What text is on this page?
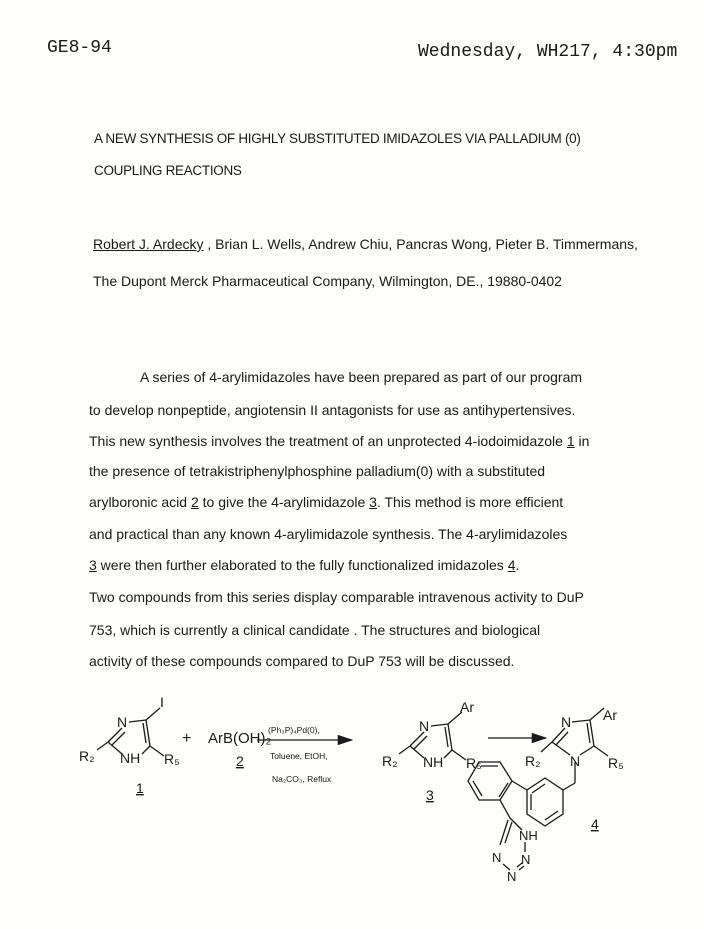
GE8-94	Wednesday, WH217, 4:30pm
A NEW SYNTHESIS OF HIGHLY SUBSTITUTED IMIDAZOLES VIA PALLADIUM (0)
COUPLING REACTIONS
Robert J. Ardecky , Brian L. Wells, Andrew Chiu, Pancras Wong, Pieter B. Timmermans,
The Dupont Merck Pharmaceutical Company, Wilmington, DE., 19880-0402
A series of 4-arylimidazoles have been prepared as part of our program
to develop nonpeptide, angiotensin II antagonists for use as antihypertensives.
This new synthesis involves the treatment of an unprotected 4-iodoimidazole 1 in
the presence of tetrakistriphenylphosphine palladium(0) with a substituted
arylboronic acid 2 to give the 4-arylimidazole 3. This method is more efficient
and practical than any known 4-arylimidazole synthesis. The 4-arylimidazoles
3 were then further elaborated to the fully functionalized imidazoles 4.
Two compounds from this series display comparable intravenous activity to DuP
753, which is currently a clinical candidate . The structures and biological
activity of these compounds compared to DuP 753 will be discussed.
N
I
NH
R₂	R₅
1
+ ArB(OH)₂
2
(Ph₃P)₄Pd(0),
Toluene, EtOH,
Na₂CO₃, Reflux
N
Ar
NH
R₂	R₅
3
N Ar
N
R₂	R₅
4
NH
N N
N
